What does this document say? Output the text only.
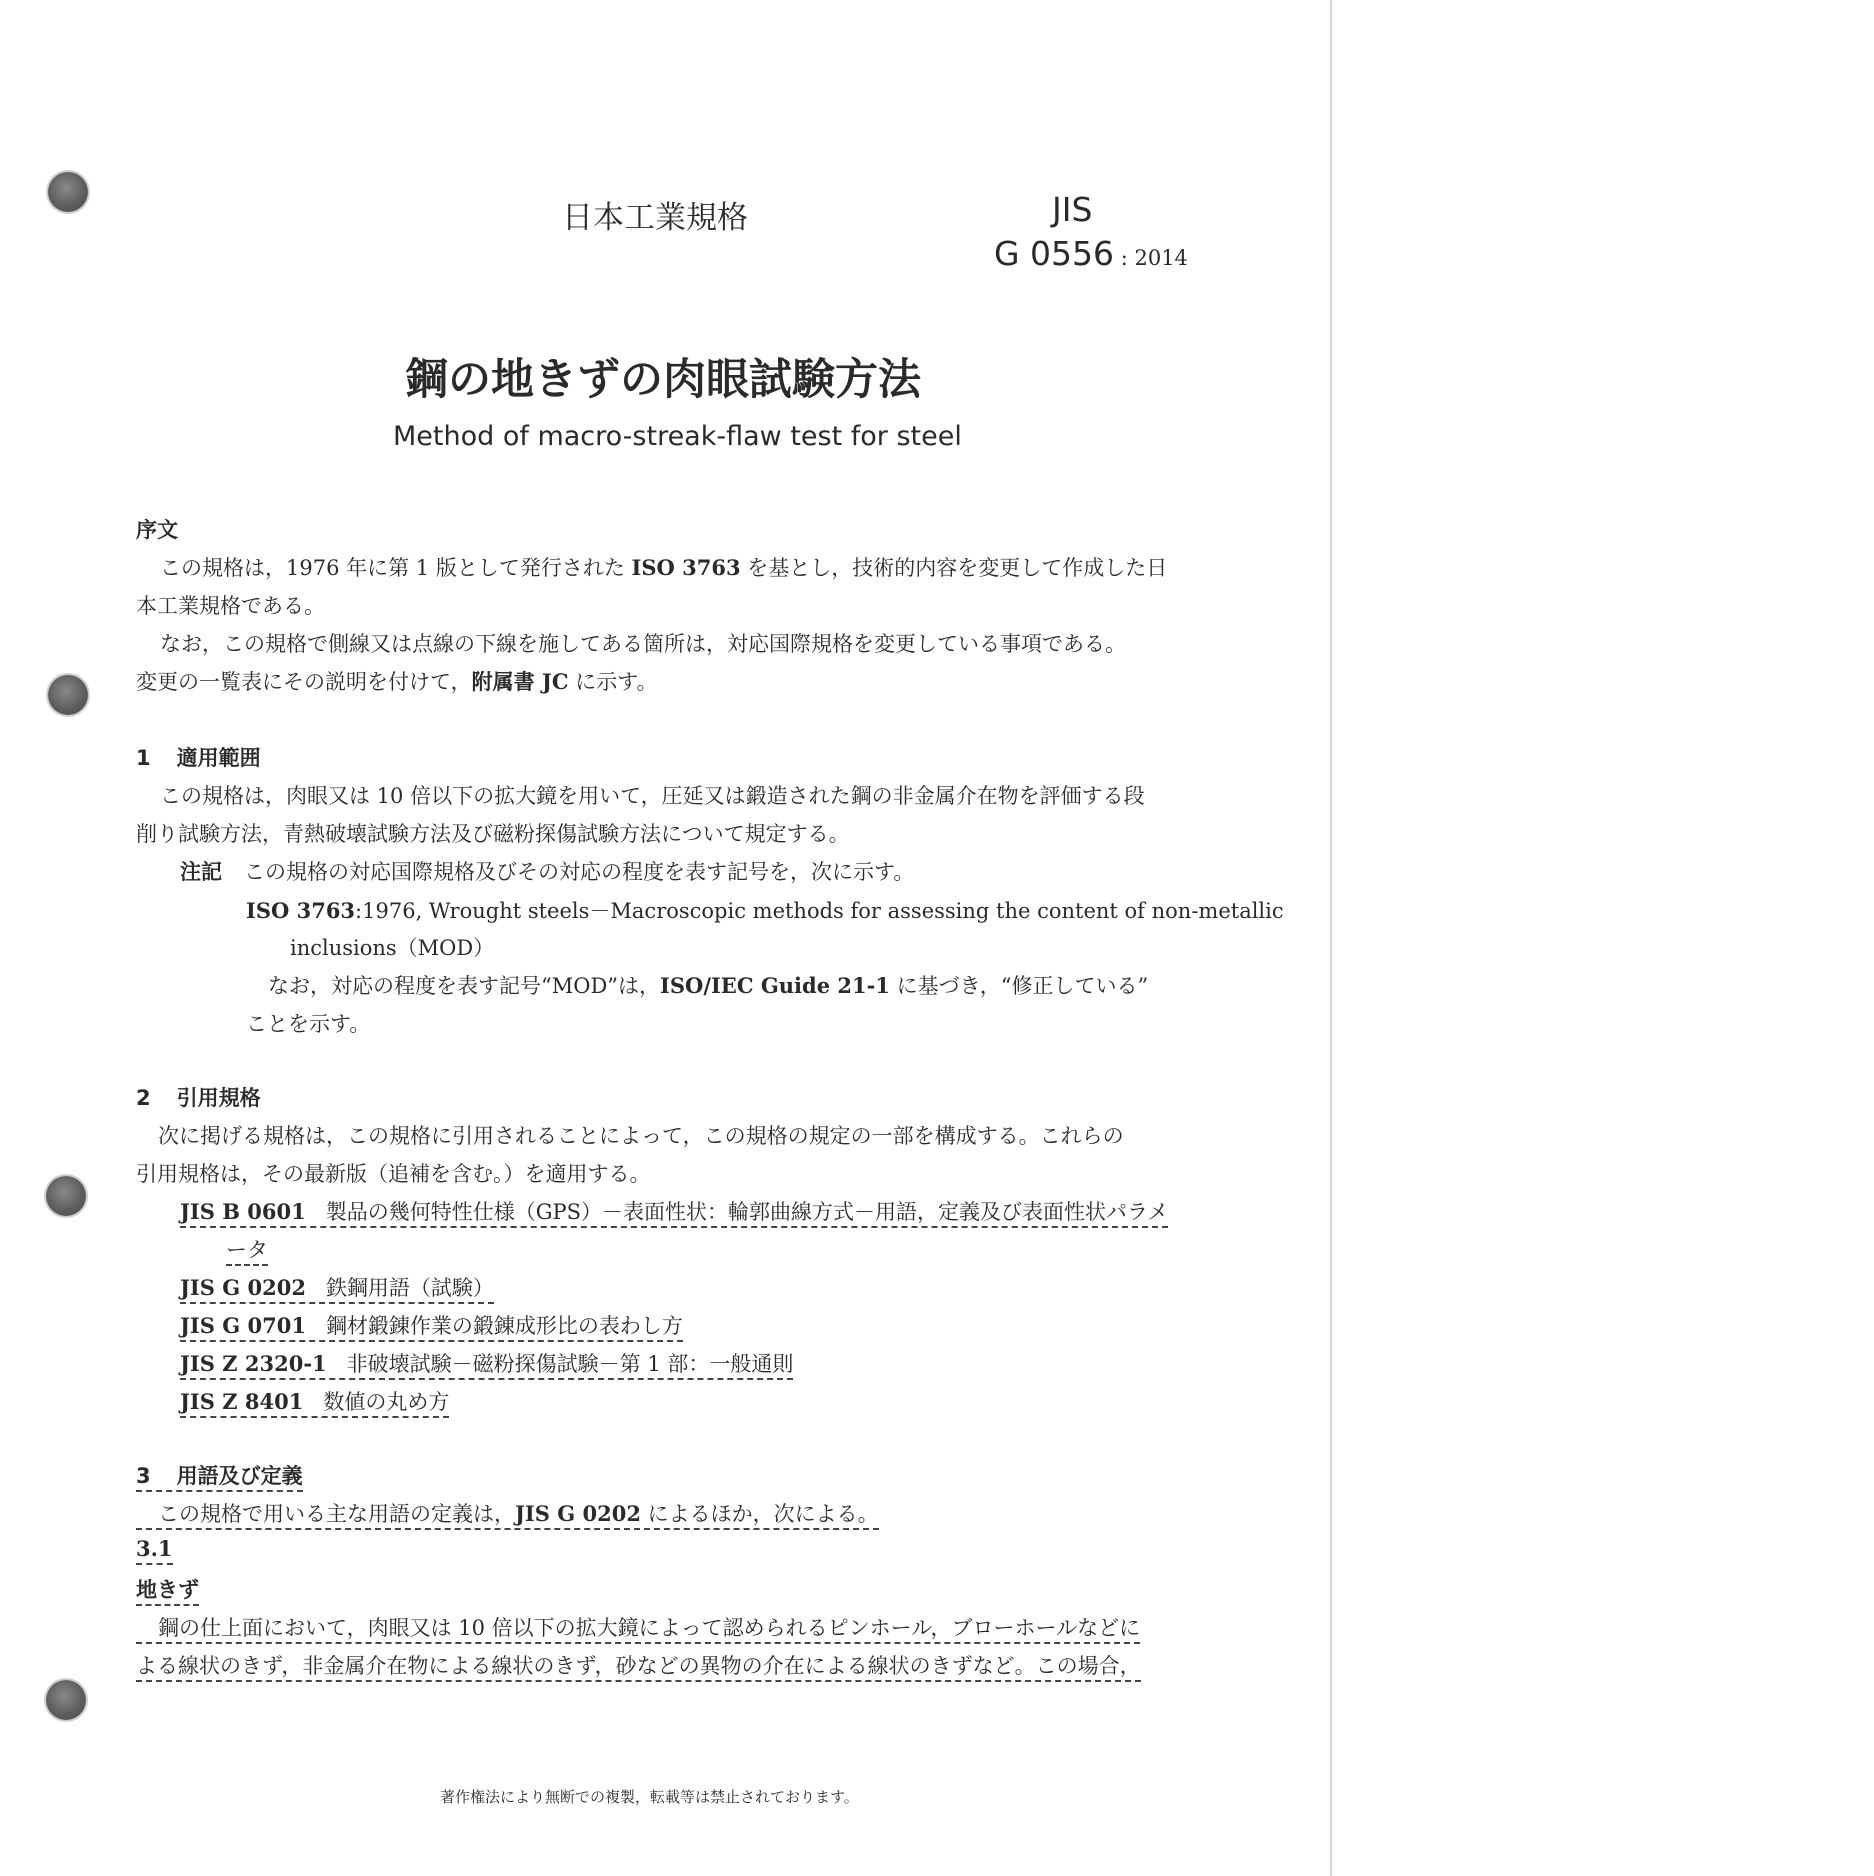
日本工業規格	JIS
G 0556 : 2014
鋼の地きずの肉眼試験方法
Method of macro-streak-flaw test for steel
序文
この規格は，1976 年に第 1 版として発行された ISO 3763 を基とし，技術的内容を変更して作成した日
本工業規格である。
なお，この規格で側線又は点線の下線を施してある箇所は，対応国際規格を変更している事項である。
変更の一覧表にその説明を付けて，附属書 JC に示す。
1 適用範囲
この規格は，肉眼又は 10 倍以下の拡大鏡を用いて，圧延又は鍛造された鋼の非金属介在物を評価する段
削り試験方法，青熱破壊試験方法及び磁粉探傷試験方法について規定する。
注記 この規格の対応国際規格及びその対応の程度を表す記号を，次に示す。
ISO 3763:1976, Wrought steels－Macroscopic methods for assessing the content of non-metallic
inclusions（MOD）
なお，対応の程度を表す記号“MOD”は，ISO/IEC Guide 21-1 に基づき，“修正している”
ことを示す。
2 引用規格
次に掲げる規格は，この規格に引用されることによって，この規格の規定の一部を構成する。これらの
引用規格は，その最新版（追補を含む。）を適用する。
JIS B 0601 製品の幾何特性仕様（GPS）－表面性状：輪郭曲線方式－用語，定義及び表面性状パラメ
ータ
JIS G 0202 鉄鋼用語（試験）
JIS G 0701 鋼材鍛錬作業の鍛錬成形比の表わし方
JIS Z 2320-1 非破壊試験－磁粉探傷試験－第 1 部：一般通則
JIS Z 8401 数値の丸め方
3 用語及び定義
この規格で用いる主な用語の定義は，JIS G 0202 によるほか，次による。
3.1
地きず
鋼の仕上面において，肉眼又は 10 倍以下の拡大鏡によって認められるピンホール，ブローホールなどに
よる線状のきず，非金属介在物による線状のきず，砂などの異物の介在による線状のきずなど。この場合，
著作権法により無断での複製，転載等は禁止されております。
